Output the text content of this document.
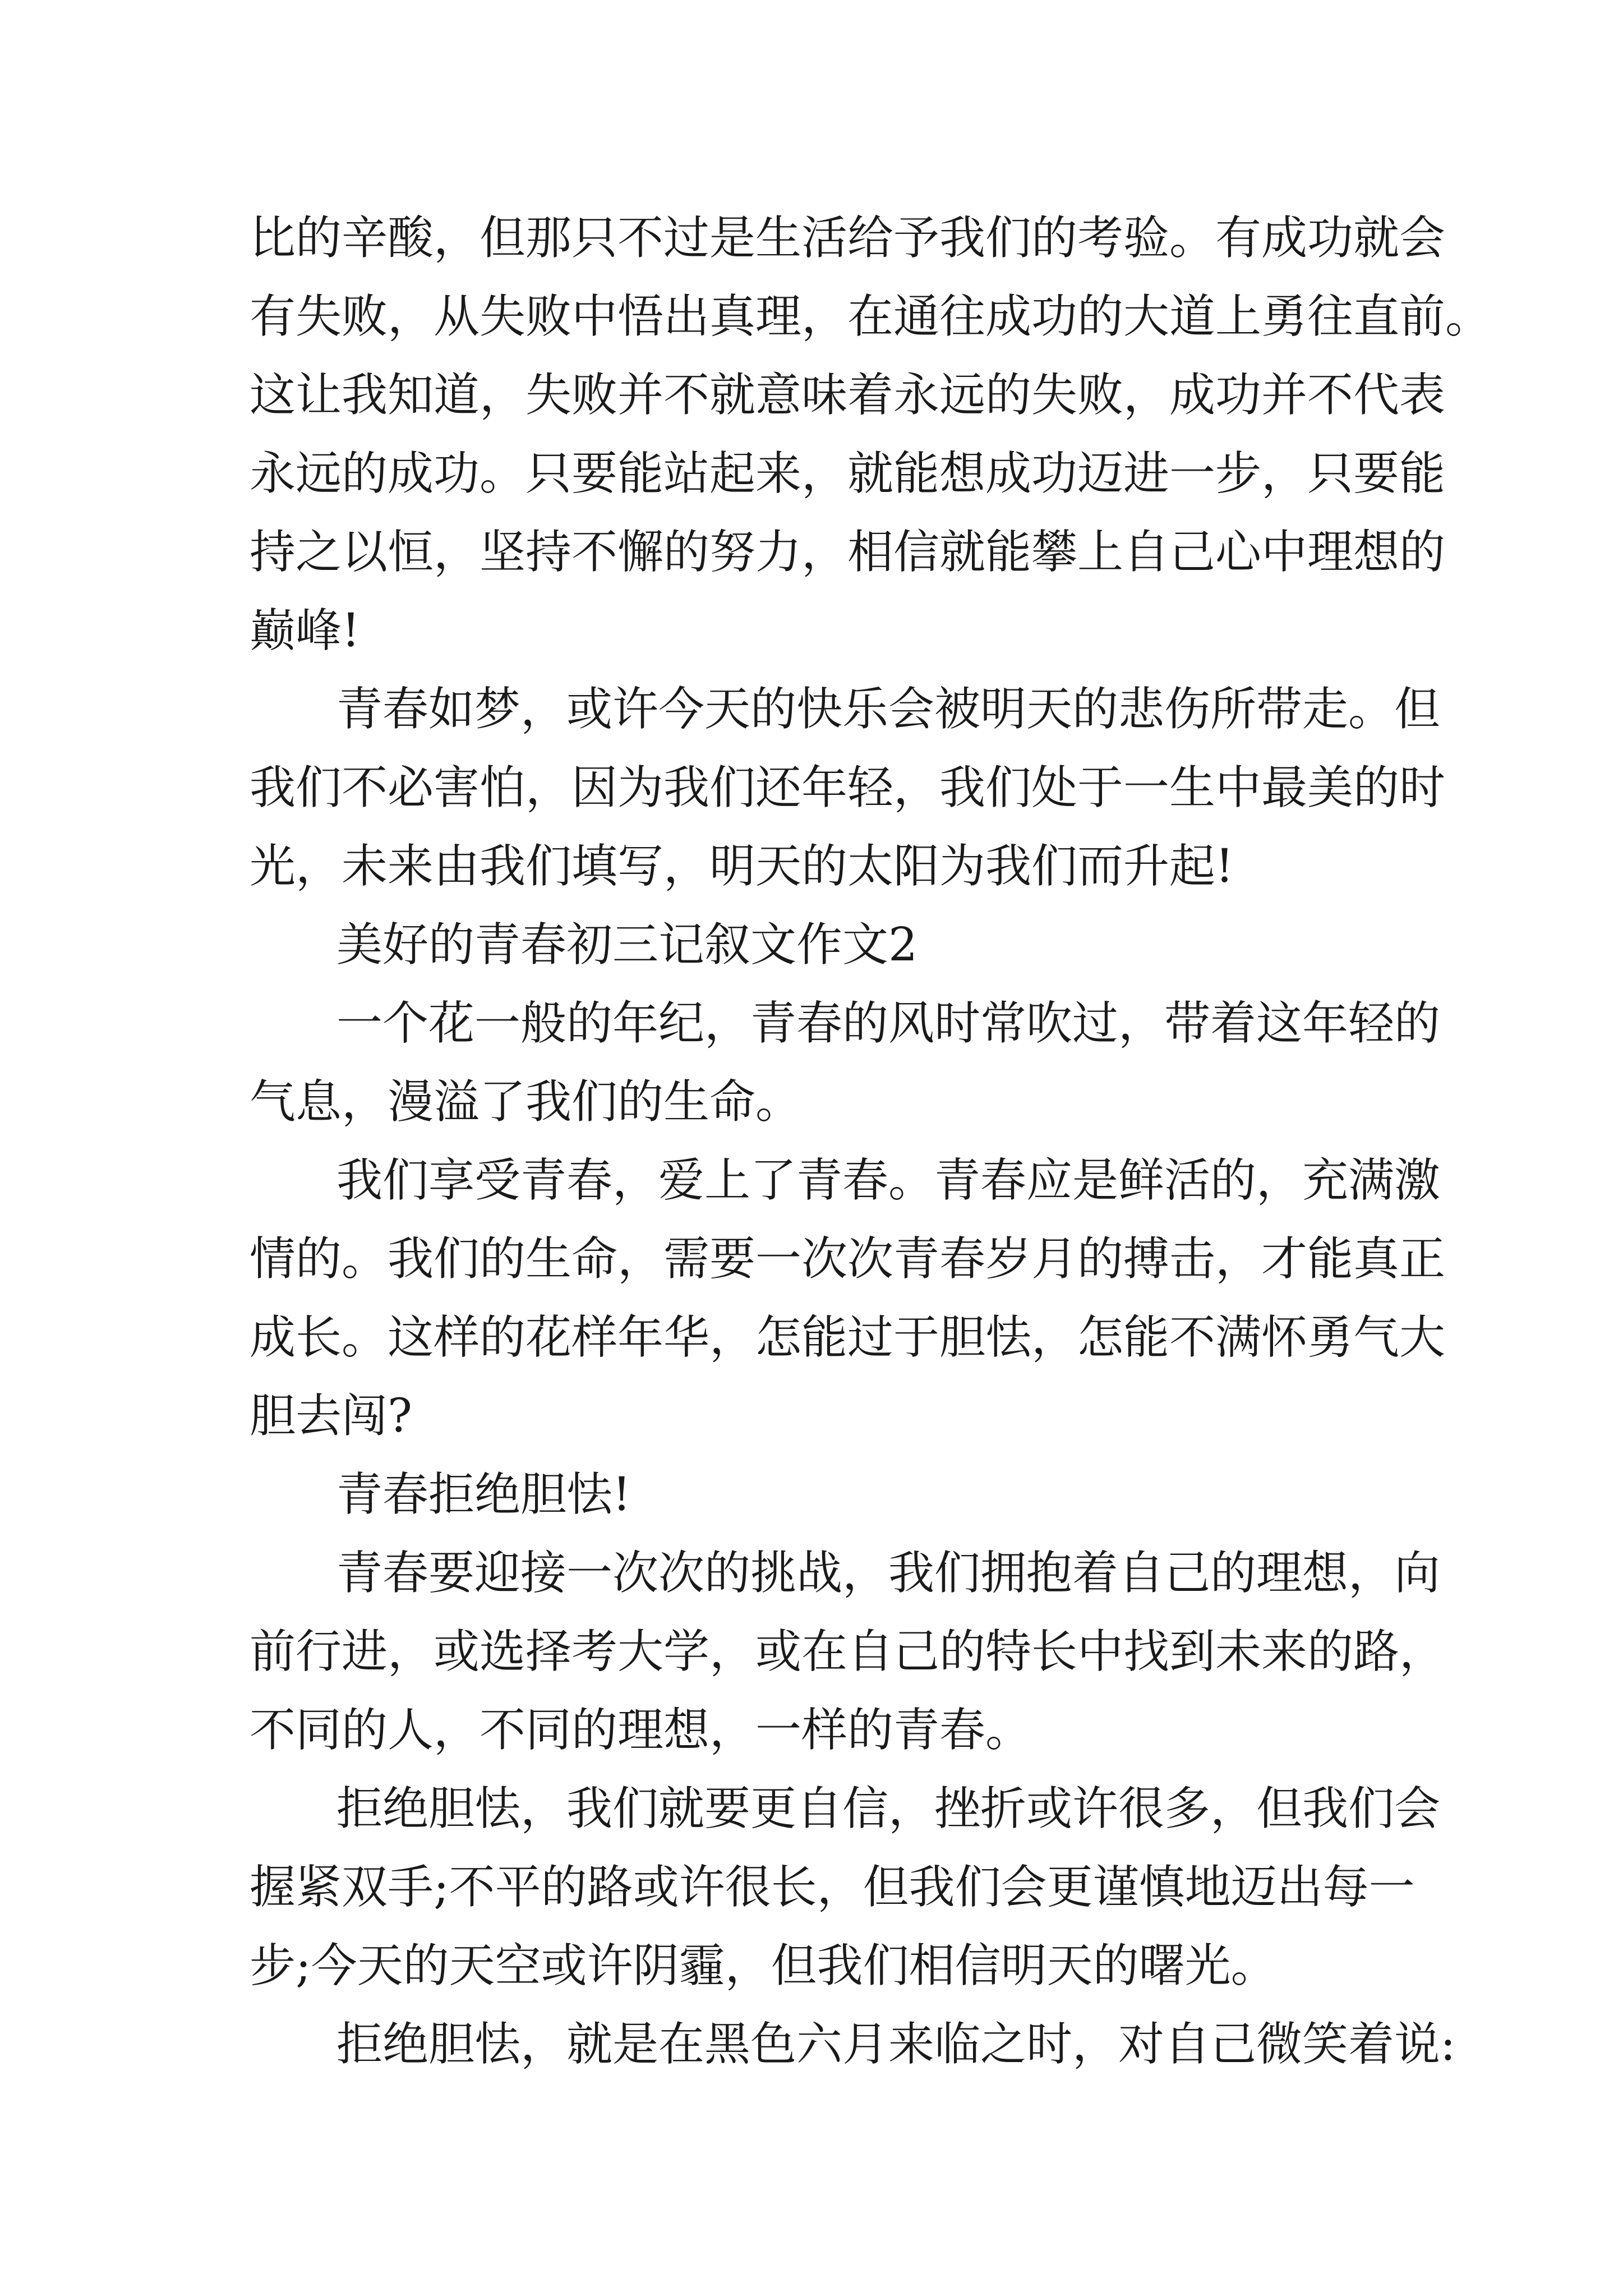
比的辛酸，但那只不过是生活给予我们的考验。有成功就会
有失败，从失败中悟出真理，在通往成功的大道上勇往直前。
这让我知道，失败并不就意味着永远的失败，成功并不代表
永远的成功。只要能站起来，就能想成功迈进一步，只要能
持之以恒，坚持不懈的努力，相信就能攀上自己心中理想的
巅峰!
青春如梦，或许今天的快乐会被明天的悲伤所带走。但
我们不必害怕，因为我们还年轻，我们处于一生中最美的时
光，未来由我们填写，明天的太阳为我们而升起!
美好的青春初三记叙文作文2
一个花一般的年纪，青春的风时常吹过，带着这年轻的
气息，漫溢了我们的生命。
我们享受青春，爱上了青春。青春应是鲜活的，充满激
情的。我们的生命，需要一次次青春岁月的搏击，才能真正
成长。这样的花样年华，怎能过于胆怯，怎能不满怀勇气大
胆去闯?
青春拒绝胆怯!
青春要迎接一次次的挑战，我们拥抱着自己的理想，向
前行进，或选择考大学，或在自己的特长中找到未来的路，
不同的人，不同的理想，一样的青春。
拒绝胆怯，我们就要更自信，挫折或许很多，但我们会
握紧双手;不平的路或许很长，但我们会更谨慎地迈出每一
步;今天的天空或许阴霾，但我们相信明天的曙光。
拒绝胆怯，就是在黑色六月来临之时，对自己微笑着说:
